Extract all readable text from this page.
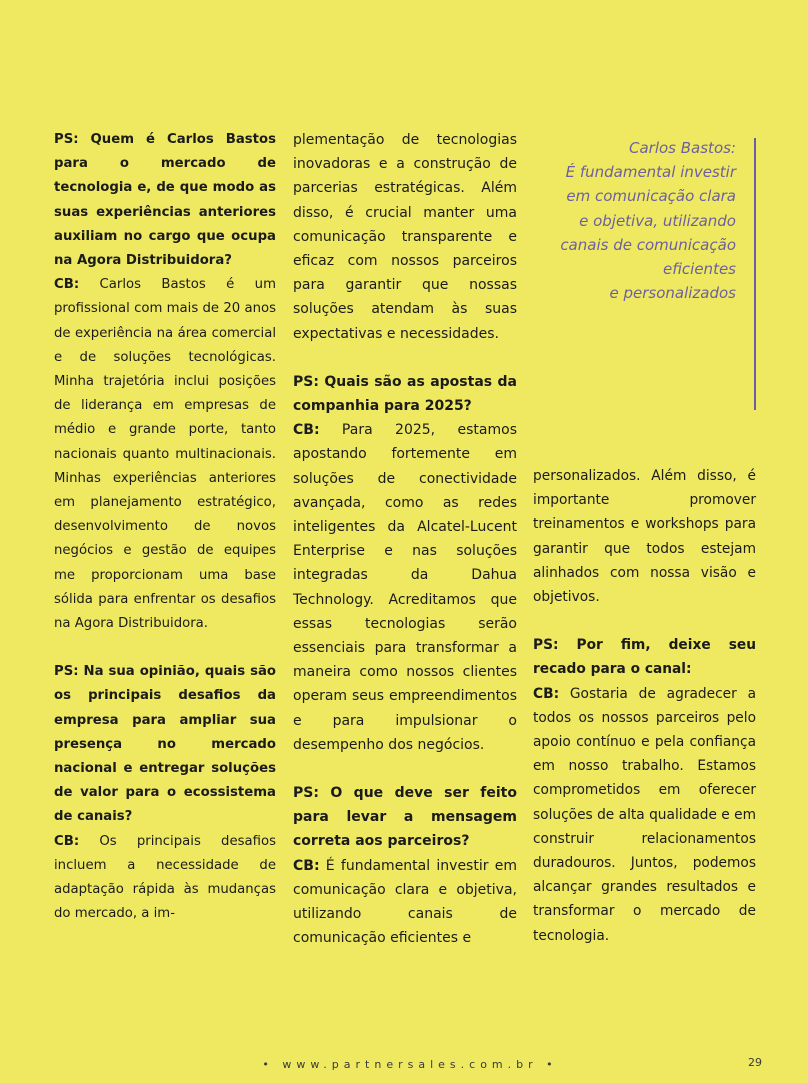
PS: Quem é Carlos Bastos para o mercado de tecnologia e, de que modo as suas experiências anteriores auxiliam no cargo que ocupa na Agora Distribuidora?

CB: Carlos Bastos é um profissional com mais de 20 anos de experiência na área comercial e de soluções tecnológicas. Minha trajetória inclui posições de liderança em empresas de médio e grande porte, tanto nacionais quanto multinacionais. Minhas experiências anteriores em planejamento estratégico, desenvolvimento de novos negócios e gestão de equipes me proporcionam uma base sólida para enfrentar os desafios na Agora Distribuidora.

PS: Na sua opinião, quais são os principais desafios da empresa para ampliar sua presença no mercado nacional e entregar soluções de valor para o ecossistema de canais?

CB: Os principais desafios incluem a necessidade de adaptação rápida às mudanças do mercado, a im-

plementação de tecnologias inovadoras e a construção de parcerias estratégicas. Além disso, é crucial manter uma comunicação transparente e eficaz com nossos parceiros para garantir que nossas soluções atendam às suas expectativas e necessidades.

PS: Quais são as apostas da companhia para 2025?

CB: Para 2025, estamos apostando fortemente em soluções de conectividade avançada, como as redes inteligentes da Alcatel-Lucent Enterprise e nas soluções integradas da Dahua Technology. Acreditamos que essas tecnologias serão essenciais para transformar a maneira como nossos clientes operam seus empreendimentos e para impulsionar o desempenho dos negócios.

PS: O que deve ser feito para levar a mensagem correta aos parceiros?

CB: É fundamental investir em comunicação clara e objetiva, utilizando canais de comunicação eficientes e

personalizados. Além disso, é importante promover treinamentos e workshops para garantir que todos estejam alinhados com nossa visão e objetivos.

PS: Por fim, deixe seu recado para o canal:

CB: Gostaria de agradecer a todos os nossos parceiros pelo apoio contínuo e pela confiança em nosso trabalho. Estamos comprometidos em oferecer soluções de alta qualidade e em construir relacionamentos duradouros. Juntos, podemos alcançar grandes resultados e transformar o mercado de tecnologia.

Carlos Bastos:
É fundamental investir
em comunicação clara
e objetiva, utilizando
canais de comunicação
eficientes
e personalizados
• www.partnersales.com.br •	29
